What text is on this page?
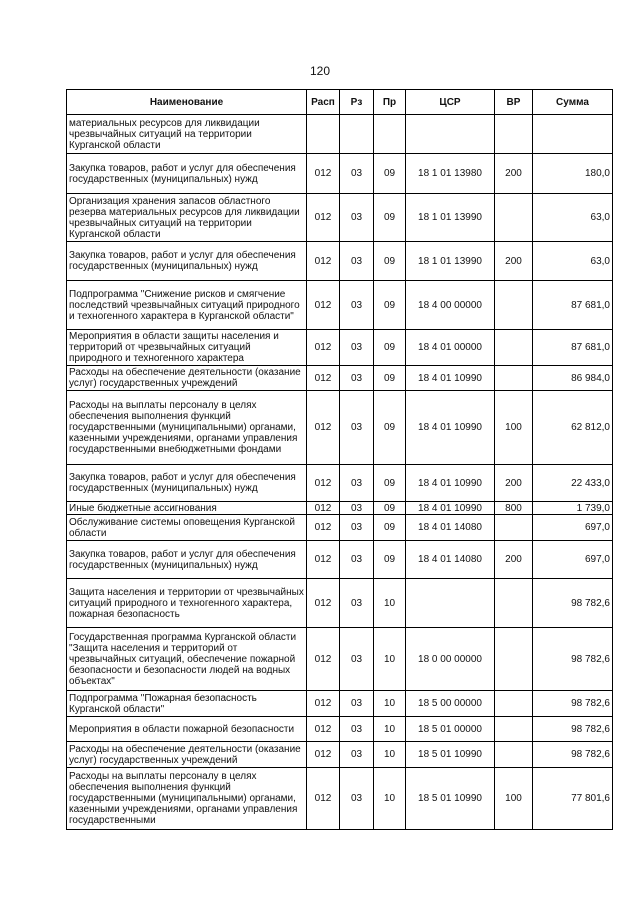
120
Наименование	Расп	Рз	Пр	ЦСР	ВР	Сумма
материальных ресурсов для ликвидации чрезвычайных ситуаций на территории Курганской области						
Закупка товаров, работ и услуг для обеспечения государственных (муниципальных) нужд	012	03	09	18 1 01 13980	200	180,0
Организация хранения запасов областного резерва материальных ресурсов для ликвидации чрезвычайных ситуаций на территории Курганской области	012	03	09	18 1 01 13990		63,0
Закупка товаров, работ и услуг для обеспечения государственных (муниципальных) нужд	012	03	09	18 1 01 13990	200	63,0
Подпрограмма "Снижение рисков и смягчение последствий чрезвычайных ситуаций природного и техногенного характера в Курганской области"	012	03	09	18 4 00 00000		87 681,0
Мероприятия в области защиты населения и территорий от чрезвычайных ситуаций природного и техногенного характера	012	03	09	18 4 01 00000		87 681,0
Расходы на обеспечение деятельности (оказание услуг) государственных учреждений	012	03	09	18 4 01 10990		86 984,0
Расходы на выплаты персоналу в целях обеспечения выполнения функций государственными (муниципальными) органами, казенными учреждениями, органами управления государственными внебюджетными фондами	012	03	09	18 4 01 10990	100	62 812,0
Закупка товаров, работ и услуг для обеспечения государственных (муниципальных) нужд	012	03	09	18 4 01 10990	200	22 433,0
Иные бюджетные ассигнования	012	03	09	18 4 01 10990	800	1 739,0
Обслуживание системы оповещения Курганской области	012	03	09	18 4 01 14080		697,0
Закупка товаров, работ и услуг для обеспечения государственных (муниципальных) нужд	012	03	09	18 4 01 14080	200	697,0
Защита населения и территории от чрезвычайных ситуаций природного и техногенного характера, пожарная безопасность	012	03	10			98 782,6
Государственная программа Курганской области "Защита населения и территорий от чрезвычайных ситуаций, обеспечение пожарной безопасности и безопасности людей на водных объектах"	012	03	10	18 0 00 00000		98 782,6
Подпрограмма "Пожарная безопасность Курганской области"	012	03	10	18 5 00 00000		98 782,6
Мероприятия в области пожарной безопасности	012	03	10	18 5 01 00000		98 782,6
Расходы на обеспечение деятельности (оказание услуг) государственных учреждений	012	03	10	18 5 01 10990		98 782,6
Расходы на выплаты персоналу в целях обеспечения выполнения функций государственными (муниципальными) органами, казенными учреждениями, органами управления государственными	012	03	10	18 5 01 10990	100	77 801,6
